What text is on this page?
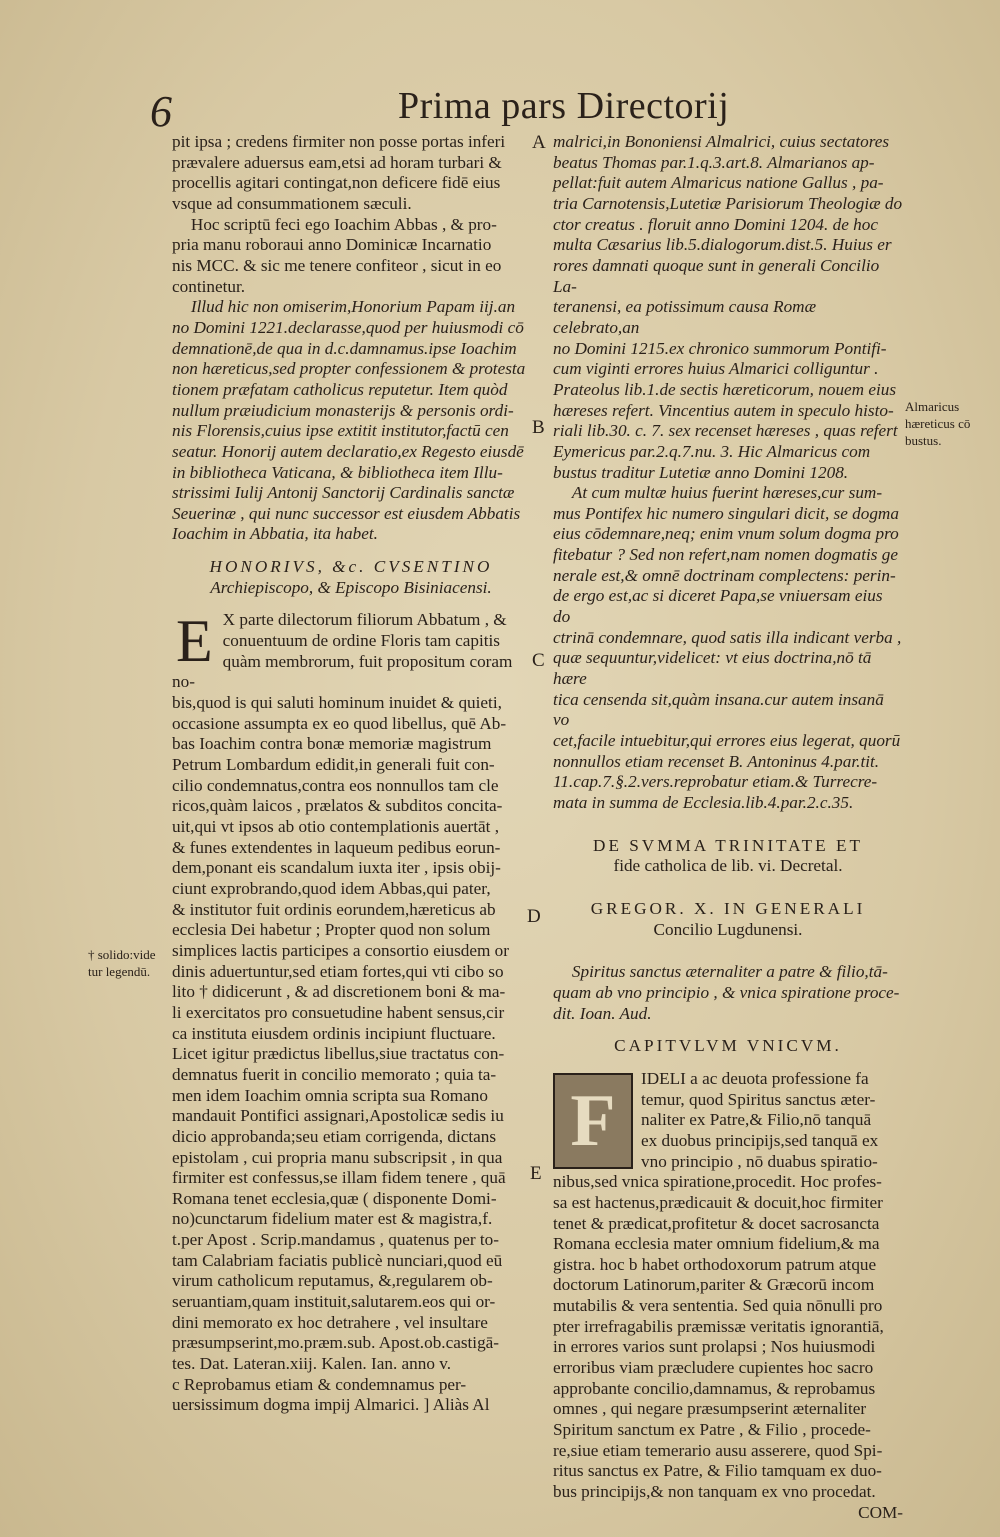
6	Prima pars Directorij
A
B
C
D
E
Almaricus
hæreticus cō
bustus.
† solido:vide
tur legendū.

pit ipsa ; credens firmiter non posse portas inferi

prævalere aduersus eam,etsi ad horam turbari &

procellis agitari contingat,non deficere fidē eius

vsque ad consummationem sæculi.

Hoc scriptū feci ego Ioachim Abbas , & pro-

pria manu roboraui anno Dominicæ Incarnatio

nis MCC. & sic me tenere confiteor , sicut in eo

continetur.

Illud hic non omiserim,Honorium Papam iij.an

no Domini 1221.declarasse,quod per huiusmodi cō

demnationē,de qua in d.c.damnamus.ipse Ioachim

non hæreticus,sed propter confessionem & protesta

tionem præfatam catholicus reputetur. Item quòd

nullum præiudicium monasterijs & personis ordi-

nis Florensis,cuius ipse extitit institutor,factū cen

seatur. Honorij autem declaratio,ex Regesto eiusdē

in bibliotheca Vaticana, & bibliotheca item Illu-

strissimi Iulij Antonij Sanctorij Cardinalis sanctæ

Seuerinæ , qui nunc successor est eiusdem Abbatis

Ioachim in Abbatia, ita habet.

HONORIVS, &c. CVSENTINO

Archiepiscopo, & Episcopo Bisiniacensi.

E X parte dilectorum filiorum Abbatum , &

conuentuum de ordine Floris tam capitis

quàm membrorum, fuit propositum coram no-

bis,quod is qui saluti hominum inuidet & quieti,

occasione assumpta ex eo quod libellus, quē Ab-

bas Ioachim contra bonæ memoriæ magistrum

Petrum Lombardum edidit,in generali fuit con-

cilio condemnatus,contra eos nonnullos tam cle

ricos,quàm laicos , prælatos & subditos concita-

uit,qui vt ipsos ab otio contemplationis auertāt ,

& funes extendentes in laqueum pedibus eorun-

dem,ponant eis scandalum iuxta iter , ipsis obij-

ciunt exprobrando,quod idem Abbas,qui pater,

& institutor fuit ordinis eorundem,hæreticus ab

ecclesia Dei habetur ; Propter quod non solum

simplices lactis participes a consortio eiusdem or

dinis aduertuntur,sed etiam fortes,qui vti cibo so

lito † didicerunt , & ad discretionem boni & ma-

li exercitatos pro consuetudine habent sensus,cir

ca instituta eiusdem ordinis incipiunt fluctuare.

Licet igitur prædictus libellus,siue tractatus con-

demnatus fuerit in concilio memorato ; quia ta-

men idem Ioachim omnia scripta sua Romano

mandauit Pontifici assignari,Apostolicæ sedis iu

dicio approbanda;seu etiam corrigenda, dictans

epistolam , cui propria manu subscripsit , in qua

firmiter est confessus,se illam fidem tenere , quā

Romana tenet ecclesia,quæ ( disponente Domi-

no)cunctarum fidelium mater est & magistra,f.

t.per Apost . Scrip.mandamus , quatenus per to-

tam Calabriam faciatis publicè nunciari,quod eū

virum catholicum reputamus, &,regularem ob-

seruantiam,quam instituit,salutarem.eos qui or-

dini memorato ex hoc detrahere , vel insultare

præsumpserint,mo.præm.sub. Apost.ob.castigā-

tes. Dat. Lateran.xiij. Kalen. Ian. anno v.

c Reprobamus etiam & condemnamus per-

uersissimum dogma impij Almarici. ] Aliàs Al

malrici,in Bononiensi Almalrici, cuius sectatores

beatus Thomas par.1.q.3.art.8. Almarianos ap-

pellat:fuit autem Almaricus natione Gallus , pa-

tria Carnotensis,Lutetiæ Parisiorum Theologiæ do

ctor creatus . floruit anno Domini 1204. de hoc

multa Cæsarius lib.5.dialogorum.dist.5. Huius er

rores damnati quoque sunt in generali Concilio La-

teranensi, ea potissimum causa Romæ celebrato,an

no Domini 1215.ex chronico summorum Pontifi-

cum viginti errores huius Almarici colliguntur .

Prateolus lib.1.de sectis hæreticorum, nouem eius

hæreses refert. Vincentius autem in speculo histo-

riali lib.30. c. 7. sex recenset hæreses , quas refert

Eymericus par.2.q.7.nu. 3. Hic Almaricus com

bustus traditur Lutetiæ anno Domini 1208.

At cum multæ huius fuerint hæreses,cur sum-

mus Pontifex hic numero singulari dicit, se dogma

eius cōdemnare,neq; enim vnum solum dogma pro

fitebatur ? Sed non refert,nam nomen dogmatis ge

nerale est,& omnē doctrinam complectens: perin-

de ergo est,ac si diceret Papa,se vniuersam eius do

ctrinā condemnare, quod satis illa indicant verba ,

quæ sequuntur,videlicet: vt eius doctrina,nō tā hære

tica censenda sit,quàm insana.cur autem insanā vo

cet,facile intuebitur,qui errores eius legerat, quorū

nonnullos etiam recenset B. Antoninus 4.par.tit.

11.cap.7.§.2.vers.reprobatur etiam.& Turrecre-

mata in summa de Ecclesia.lib.4.par.2.c.35.

DE SVMMA TRINITATE ET

fide catholica de lib. vi. Decretal.

GREGOR. X. IN GENERALI

Concilio Lugdunensi.

Spiritus sanctus æternaliter a patre & filio,tā-

quam ab vno principio , & vnica spiratione proce-

dit. Ioan. Aud.

CAPITVLVM VNICVM.

F

IDELI a ac deuota professione fa

temur, quod Spiritus sanctus æter-

naliter ex Patre,& Filio,nō tanquā

ex duobus principijs,sed tanquā ex

vno principio , nō duabus spiratio-

nibus,sed vnica spiratione,procedit. Hoc profes-

sa est hactenus,prædicauit & docuit,hoc firmiter

tenet & prædicat,profitetur & docet sacrosancta

Romana ecclesia mater omnium fidelium,& ma

gistra. hoc b habet orthodoxorum patrum atque

doctorum Latinorum,pariter & Græcorū incom

mutabilis & vera sententia. Sed quia nōnulli pro

pter irrefragabilis præmissæ veritatis ignorantiā,

in errores varios sunt prolapsi ; Nos huiusmodi

erroribus viam præcludere cupientes hoc sacro

approbante concilio,damnamus, & reprobamus

omnes , qui negare præsumpserint æternaliter

Spiritum sanctum ex Patre , & Filio , procede-

re,siue etiam temerario ausu asserere, quod Spi-

ritus sanctus ex Patre, & Filio tamquam ex duo-

bus principijs,& non tanquam ex vno procedat.

COM-
